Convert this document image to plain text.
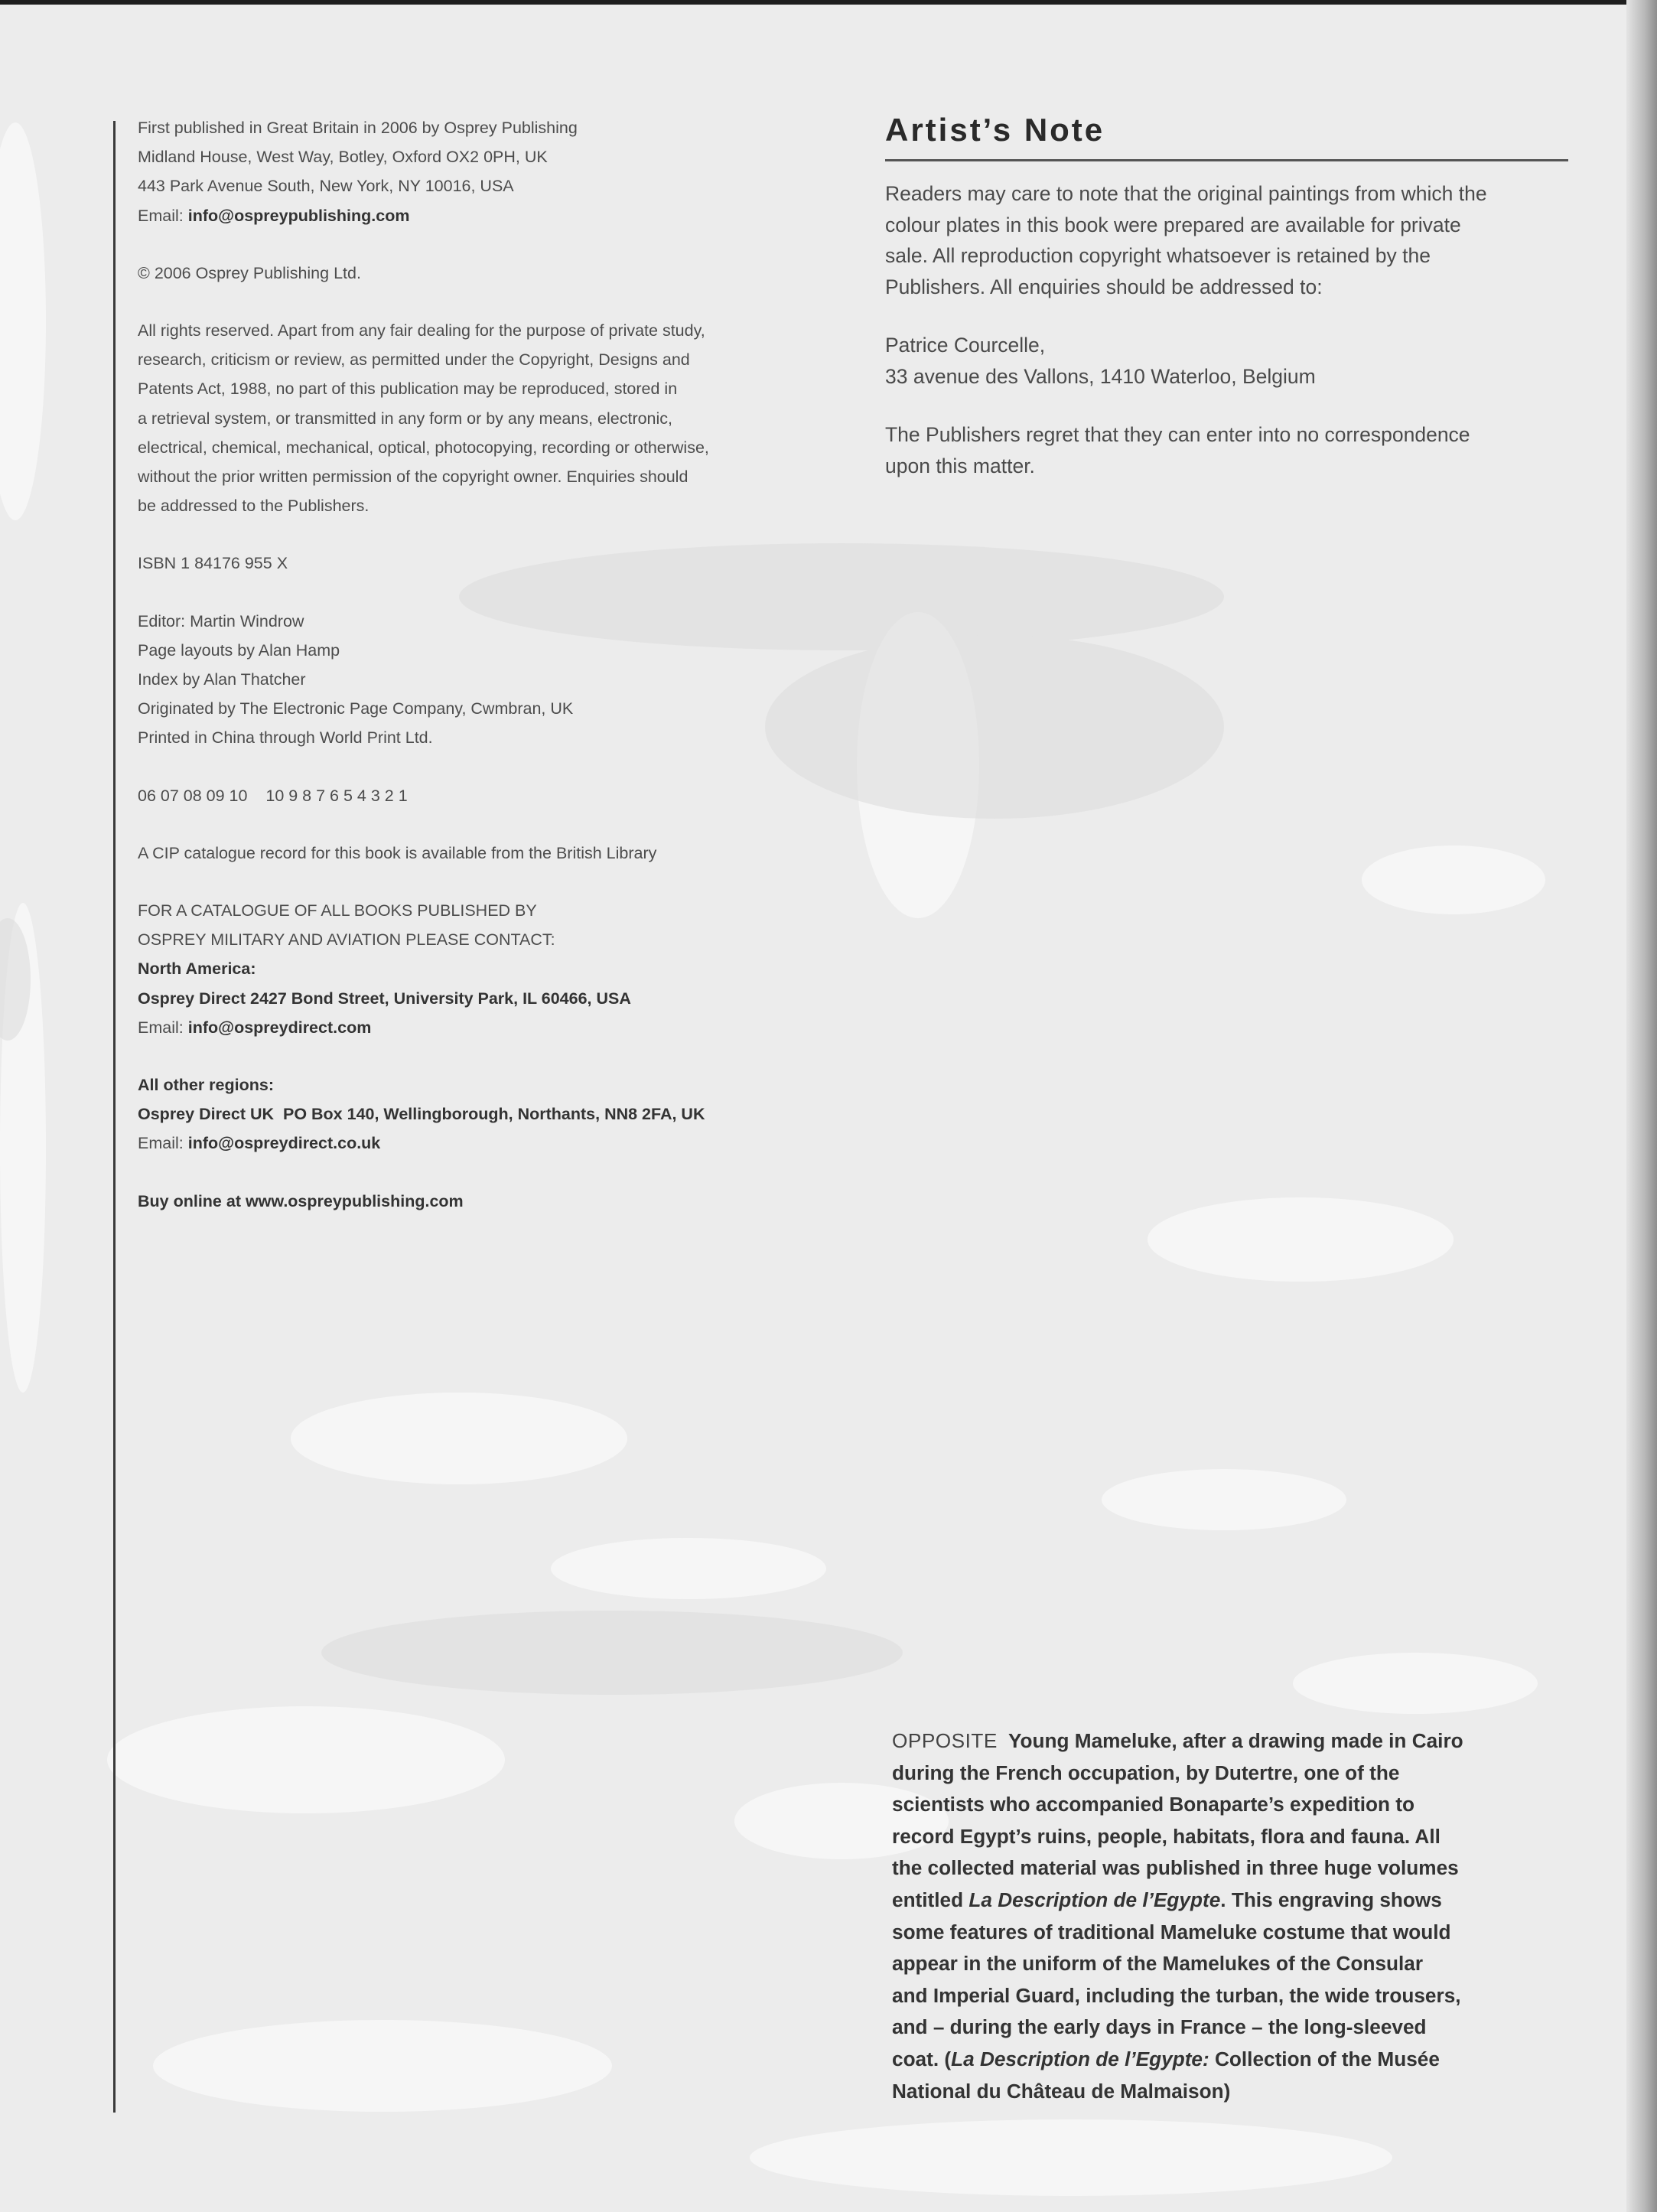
First published in Great Britain in 2006 by Osprey Publishing
Midland House, West Way, Botley, Oxford OX2 0PH, UK
443 Park Avenue South, New York, NY 10016, USA
Email: info@ospreypublishing.com
© 2006 Osprey Publishing Ltd.
All rights reserved. Apart from any fair dealing for the purpose of private study,
research, criticism or review, as permitted under the Copyright, Designs and
Patents Act, 1988, no part of this publication may be reproduced, stored in
a retrieval system, or transmitted in any form or by any means, electronic,
electrical, chemical, mechanical, optical, photocopying, recording or otherwise,
without the prior written permission of the copyright owner. Enquiries should
be addressed to the Publishers.
ISBN 1 84176 955 X
Editor: Martin Windrow
Page layouts by Alan Hamp
Index by Alan Thatcher
Originated by The Electronic Page Company, Cwmbran, UK
Printed in China through World Print Ltd.
06 07 08 09 10    10 9 8 7 6 5 4 3 2 1
A CIP catalogue record for this book is available from the British Library
FOR A CATALOGUE OF ALL BOOKS PUBLISHED BY
OSPREY MILITARY AND AVIATION PLEASE CONTACT:
North America:
Osprey Direct 2427 Bond Street, University Park, IL 60466, USA
Email: info@ospreydirect.com
All other regions:
Osprey Direct UK  PO Box 140, Wellingborough, Northants, NN8 2FA, UK
Email: info@ospreydirect.co.uk
Buy online at www.ospreypublishing.com
Artist’s Note

Readers may care to note that the original paintings from which the
colour plates in this book were prepared are available for private
sale. All reproduction copyright whatsoever is retained by the
Publishers. All enquiries should be addressed to:

Patrice Courcelle,
33 avenue des Vallons, 1410 Waterloo, Belgium

The Publishers regret that they can enter into no correspondence
upon this matter.

OPPOSITE Young Mameluke, after a drawing made in Cairo
during the French occupation, by Dutertre, one of the
scientists who accompanied Bonaparte’s expedition to
record Egypt’s ruins, people, habitats, flora and fauna. All
the collected material was published in three huge volumes
entitled La Description de l’Egypte. This engraving shows
some features of traditional Mameluke costume that would
appear in the uniform of the Mamelukes of the Consular
and Imperial Guard, including the turban, the wide trousers,
and – during the early days in France – the long-sleeved
coat. (La Description de l’Egypte: Collection of the Musée
National du Château de Malmaison)
